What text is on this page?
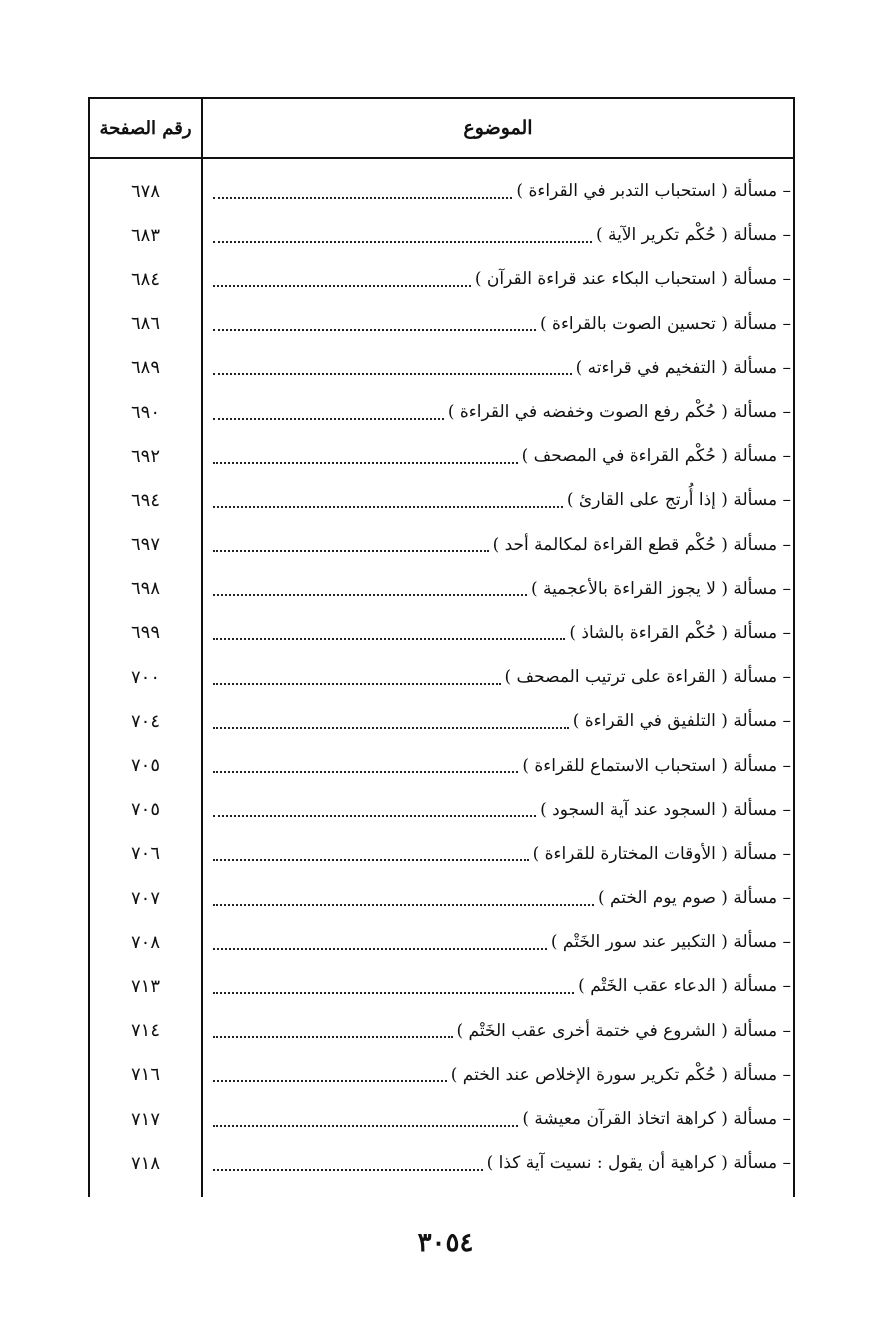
رقم الصفحة	الموضوع
٦٧٨	– مسألة ( استحباب التدبر في القراءة )
٦٨٣	– مسألة ( حُكْم تكرير الآية )
٦٨٤	– مسألة ( استحباب البكاء عند قراءة القرآن )
٦٨٦	– مسألة ( تحسين الصوت بالقراءة )
٦٨٩	– مسألة ( التفخيم في قراءته )
٦٩٠	– مسألة ( حُكْم رفع الصوت وخفضه في القراءة )
٦٩٢	– مسألة ( حُكْم القراءة في المصحف )
٦٩٤	– مسألة ( إذا أُرتج على القارئ )
٦٩٧	– مسألة ( حُكْم قطع القراءة لمكالمة أحد )
٦٩٨	– مسألة ( لا يجوز القراءة بالأعجمية )
٦٩٩	– مسألة ( حُكْم القراءة بالشاذ )
٧٠٠	– مسألة ( القراءة على ترتيب المصحف )
٧٠٤	– مسألة ( التلفيق في القراءة )
٧٠٥	– مسألة ( استحباب الاستماع للقراءة )
٧٠٥	– مسألة ( السجود عند آية السجود )
٧٠٦	– مسألة ( الأوقات المختارة للقراءة )
٧٠٧	– مسألة ( صوم يوم الختم )
٧٠٨	– مسألة ( التكبير عند سور الخَتْم )
٧١٣	– مسألة ( الدعاء عقب الخَتْم )
٧١٤	– مسألة ( الشروع في ختمة أخرى عقب الخَتْم )
٧١٦	– مسألة ( حُكْم تكرير سورة الإخلاص عند الختم )
٧١٧	– مسألة ( كراهة اتخاذ القرآن معيشة )
٧١٨	– مسألة ( كراهية أن يقول : نسيت آية كذا )
٣٠٥٤
